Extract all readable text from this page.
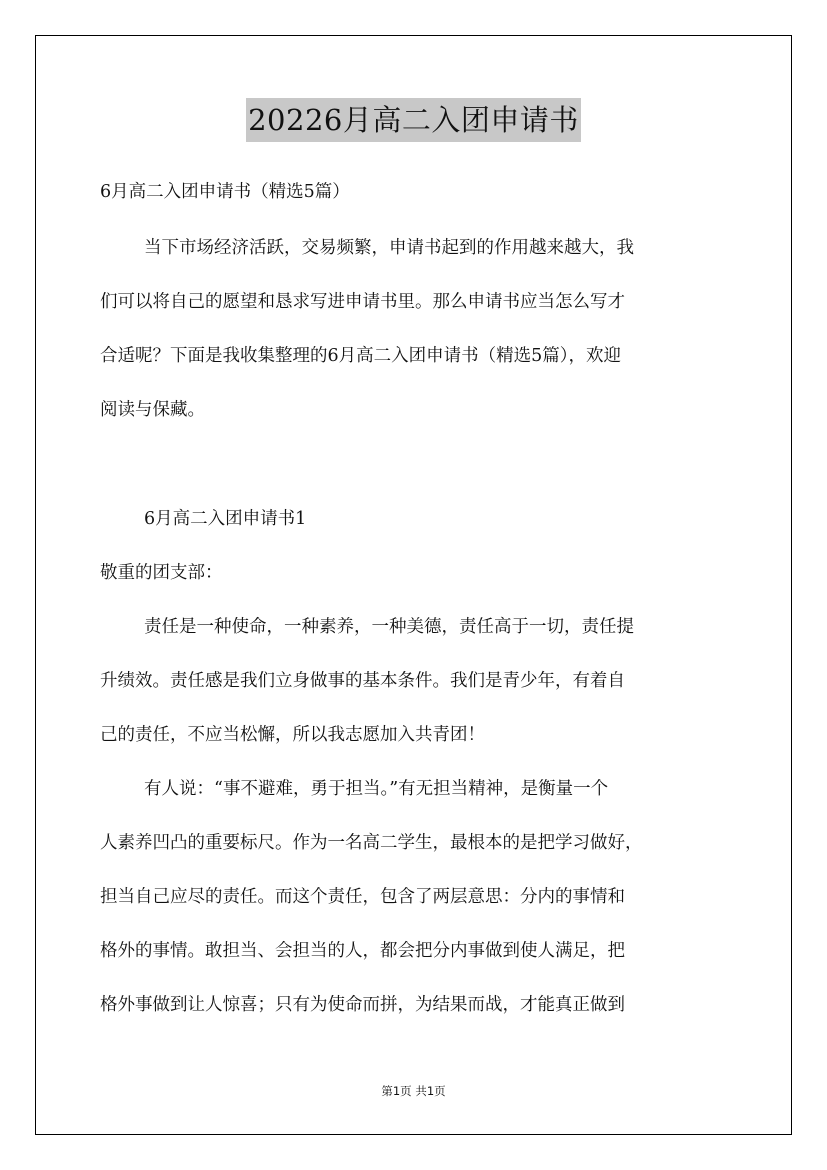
20226月高二入团申请书
6月高二入团申请书（精选5篇）
当下市场经济活跃，交易频繁，申请书起到的作用越来越大，我
们可以将自己的愿望和恳求写进申请书里。那么申请书应当怎么写才
合适呢？下面是我收集整理的6月高二入团申请书（精选5篇），欢迎
阅读与保藏。
6月高二入团申请书1
敬重的团支部：
责任是一种使命，一种素养，一种美德，责任高于一切，责任提
升绩效。责任感是我们立身做事的基本条件。我们是青少年，有着自
己的责任，不应当松懈，所以我志愿加入共青团！
有人说：“事不避难，勇于担当。”有无担当精神，是衡量一个
人素养凹凸的重要标尺。作为一名高二学生，最根本的是把学习做好，
担当自己应尽的责任。而这个责任，包含了两层意思：分内的事情和
格外的事情。敢担当、会担当的人，都会把分内事做到使人满足，把
格外事做到让人惊喜；只有为使命而拼，为结果而战，才能真正做到
第1页 共1页
